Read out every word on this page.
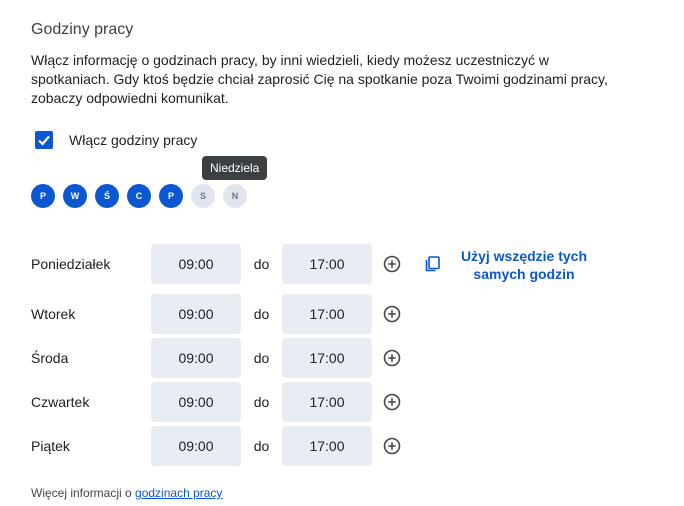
Godziny pracy

Włącz informację o godzinach pracy, by inni wiedzieli, kiedy możesz uczestniczyć w spotkaniach. Gdy ktoś będzie chciał zaprosić Cię na spotkanie poza Twoimi godzinami pracy, zobaczy odpowiedni komunikat.

Włącz godziny pracy
Niedziela
P	W	Ś	C	P	S	N
Poniedziałek	09:00	do	17:00
Wtorek	09:00	do	17:00
Środa	09:00	do	17:00
Czwartek	09:00	do	17:00
Piątek	09:00	do	17:00
Użyj wszędzie tych
samych godzin
Więcej informacji o godzinach pracy
